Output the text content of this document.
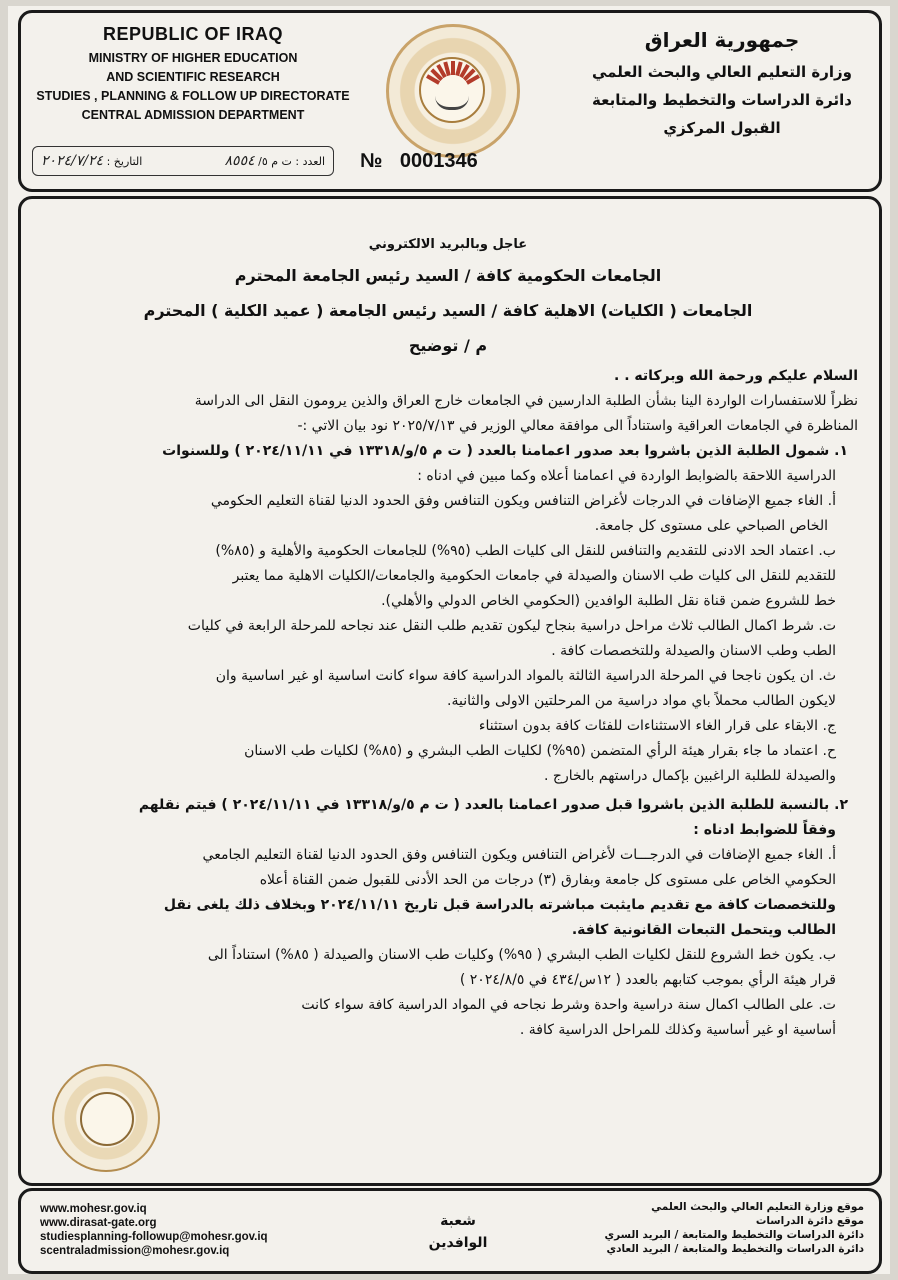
REPUBLIC OF IRAQ
MINISTRY OF HIGHER EDUCATION
AND SCIENTIFIC RESEARCH
STUDIES , PLANNING & FOLLOW UP DIRECTORATE
CENTRAL ADMISSION DEPARTMENT
جمهورية العراق
وزارة التعليم العالي والبحث العلمي
دائرة الدراسات والتخطيط والمتابعة
القبول المركزي
العدد : ت م ٥/ ٨٥٥٤
التاريخ : ٢٠٢٤/٧/٢٤	№ 0001346
عاجل وبالبريد الالكتروني
الجامعات الحكومية كافة / السيد رئيس الجامعة المحترم
الجامعات ( الكليات) الاهلية كافة / السيد رئيس الجامعة ( عميد الكلية ) المحترم
م / توضيح

السلام عليكم ورحمة الله وبركاته . .

نظراً للاستفسارات الواردة الينا بشأن الطلبة الدارسين في الجامعات خارج العراق والذين يرومون النقل الى الدراسة

المناظرة في الجامعات العراقية واستناداً الى موافقة معالي الوزير في ٢٠٢٥/٧/١٣ نود بيان الاتي :-

١. شمول الطلبة الذين باشروا بعد صدور اعمامنا بالعدد ( ت م ٥/و/١٣٣١٨ في ٢٠٢٤/١١/١١ ) وللسنوات

الدراسية اللاحقة بالضوابط الواردة في اعمامنا أعلاه وكما مبين في ادناه :

أ. الغاء جميع الإضافات في الدرجات لأغراض التنافس ويكون التنافس وفق الحدود الدنيا لقناة التعليم الحكومي

الخاص الصباحي على مستوى كل جامعة.

ب. اعتماد الحد الادنى للتقديم والتنافس للنقل الى كليات الطب (٩٥%) للجامعات الحكومية والأهلية و (٨٥%)

للتقديم للنقل الى كليات طب الاسنان والصيدلة في جامعات الحكومية والجامعات/الكليات الاهلية مما يعتبر

خط للشروع ضمن قناة نقل الطلبة الوافدين (الحكومي الخاص الدولي والأهلي).

ت. شرط اكمال الطالب ثلاث مراحل دراسية بنجاح ليكون تقديم طلب النقل عند نجاحه للمرحلة الرابعة في كليات

الطب وطب الاسنان والصيدلة وللتخصصات كافة .

ث. ان يكون ناجحا في المرحلة الدراسية الثالثة بالمواد الدراسية كافة سواء كانت اساسية او غير اساسية وان

لايكون الطالب محملاً باي مواد دراسية من المرحلتين الاولى والثانية.

ج. الابقاء على قرار الغاء الاستثناءات للفئات كافة بدون استثناء

ح. اعتماد ما جاء بقرار هيئة الرأي المتضمن (٩٥%) لكليات الطب البشري و (٨٥%) لكليات طب الاسنان

والصيدلة للطلبة الراغبين بإكمال دراستهم بالخارج .

٢. بالنسبة للطلبة الذين باشروا قبل صدور اعمامنا بالعدد ( ت م ٥/و/١٣٣١٨ في ٢٠٢٤/١١/١١ ) فيتم نقلهم

وفقاً للضوابط ادناه :

أ. الغاء جميع الإضافات في الدرجـــات لأغراض التنافس ويكون التنافس وفق الحدود الدنيا لقناة التعليم الجامعي

الحكومي الخاص على مستوى كل جامعة وبفارق (٣) درجات من الحد الأدنى للقبول ضمن القناة أعلاه

وللتخصصات كافة مع تقديم مايثبت مباشرته بالدراسة قبل تاريخ ٢٠٢٤/١١/١١ وبخلاف ذلك يلغى نقل

الطالب ويتحمل التبعات القانونية كافة.

ب. يكون خط الشروع للنقل لكليات الطب البشري ( ٩٥%) وكليات طب الاسنان والصيدلة ( ٨٥%) استناداً الى

قرار هيئة الرأي بموجب كتابهم بالعدد ( ١٢س/٤٣٤ في ٢٠٢٤/٨/٥ )

ت. على الطالب اكمال سنة دراسية واحدة وشرط نجاحه في المواد الدراسية كافة سواء كانت

أساسية او غير أساسية وكذلك للمراحل الدراسية كافة .

www.mohesr.gov.iq
www.dirasat-gate.org
studiesplanning-followup@mohesr.gov.iq
scentraladmission@mohesr.gov.iq
شعبة
الوافدين
موقع وزارة التعليم العالي والبحث العلمي
موقع دائرة الدراسات
دائرة الدراسات والتخطيط والمتابعة / البريد السري
دائرة الدراسات والتخطيط والمتابعة / البريد العادي
